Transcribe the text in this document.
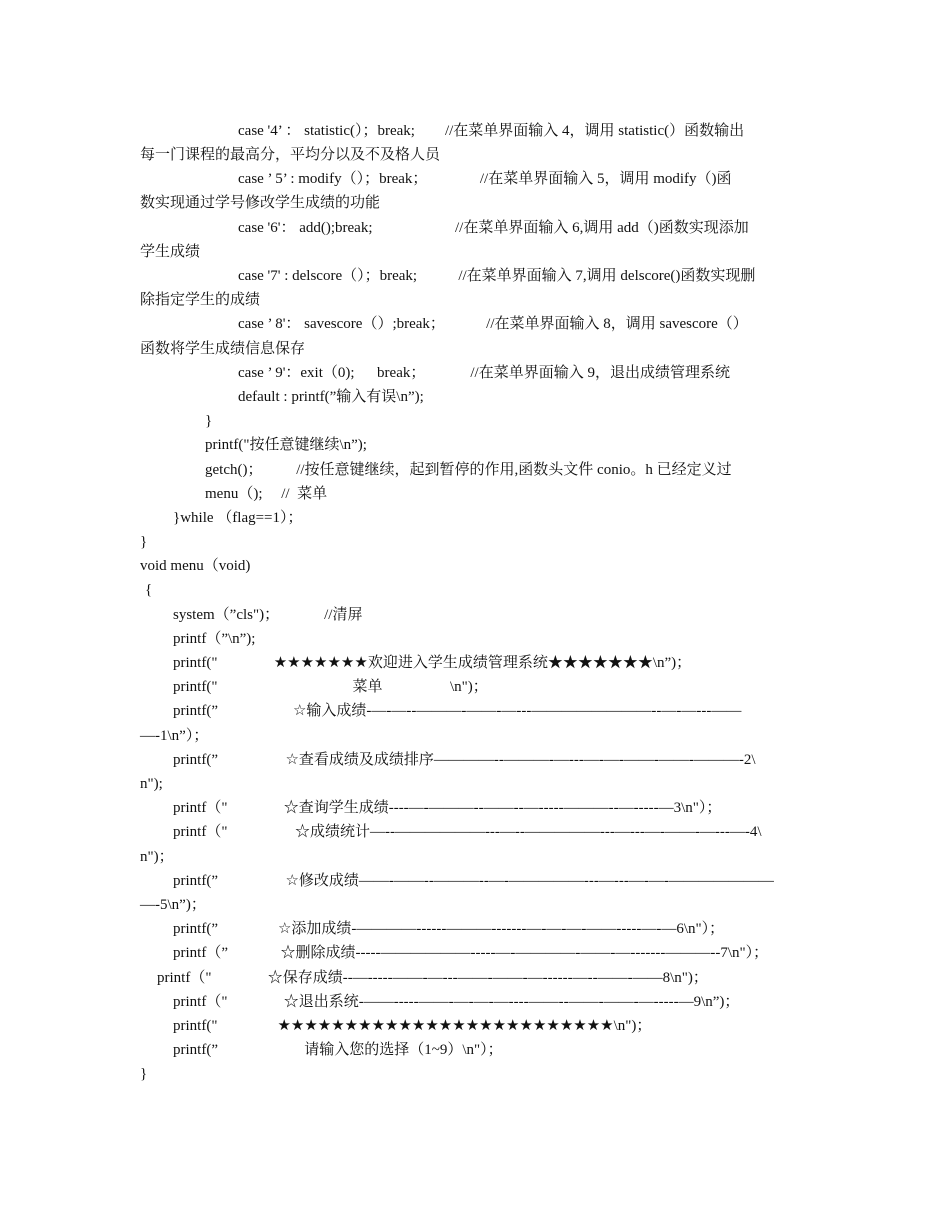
case '4’ ： statistic(）；break;        //在菜单界面输入 4，调用 statistic(）函数输出
每一门课程的最高分，平均分以及不及格人员
case ’ 5’ : modify（）；break；              //在菜单界面输入 5，调用 modify（)函
数实现通过学号修改学生成绩的功能
case '6'： add();break;                      //在菜单界面输入 6,调用 add（)函数实现添加
学生成绩
case '7' : delscore（）；break;           //在菜单界面输入 7,调用 delscore()函数实现删
除指定学生的成绩
case ’ 8'： savescore（）;break；           //在菜单界面输入 8，调用 savescore（）
函数将学生成绩信息保存
case ’ 9'：exit（0);      break；            //在菜单界面输入 9，退出成绩管理系统
default : printf(”输入有误\n”);
}
printf("按任意键继续\n”);
getch()；         //按任意键继续，起到暂停的作用,函数头文件 conio。h 已经定义过
menu（);     //  菜单
}while （flag==1）；
}
void menu（void)
{
system（”cls")；            //清屏
printf（”\n”);
printf("               ★★★★★★★欢迎进入学生成绩管理系统★★★★★★★\n”)；
printf("                                    菜单                  \n")；
printf(”                    ☆输入成绩-—-—--———-——-—---————————--—-—---——
—-1\n”）；
printf(”                  ☆查看成绩及成绩排序————--———-—---—-—-——-——-———-2\
n");
printf（"               ☆查询学生成绩----—-———--——--—-----———--—-----—3\n"）；
printf（"                  ☆成绩统计—--——————---—--—————---—---—-——-—---—-4\
n")；
printf(”                  ☆修改成绩——-——--———--—-—————---—---—-—-———————
—-5\n”)；
printf(”                ☆添加成绩-————------———-------—-—-—-——-----—-—6\n"）；
printf（”              ☆删除成绩-----——————-----—-————-——-—-------———--7\n"）；
printf（"               ☆保存成绩--—-----——-—---——-——-—------—--——-——8\n")；
printf（"               ☆退出系统-——-----——-—-—-—----——--——-——-—-----—9\n”)；
printf("                ★★★★★★★★★★★★★★★★★★★★★★★★★\n")；
printf(”                       请输入您的选择（1~9）\n"）；
}
